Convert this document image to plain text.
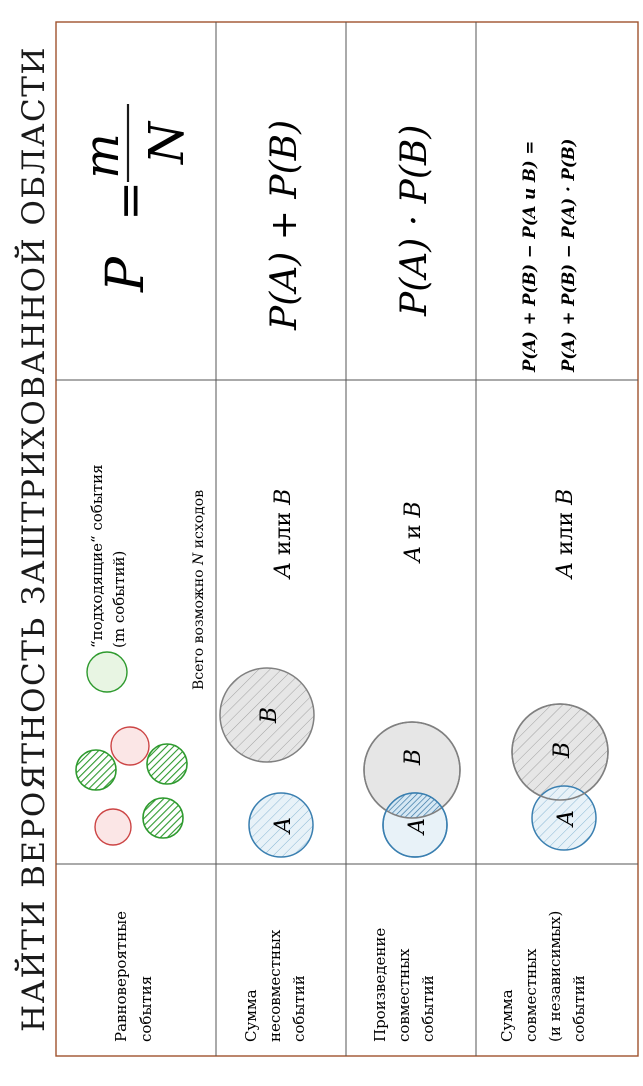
Равновероятные события
“подходящие“ события (m событий)	Всего возможно N исходов
P
=
m N
Сумма несовместных событий
A
B
A или B
P(A) + P(B)
Произведение совместных событий
A
B
A и B
P(A) · P(B)
Сумма совместных (и независимых) событий
A
B
A или B
P(A) + P(B) − P(A и B) = P(A) + P(B) − P(A) · P(B)
НАЙТИ ВЕРОЯТНОСТЬ ЗАШТРИХОВАННОЙ ОБЛАСТИ
